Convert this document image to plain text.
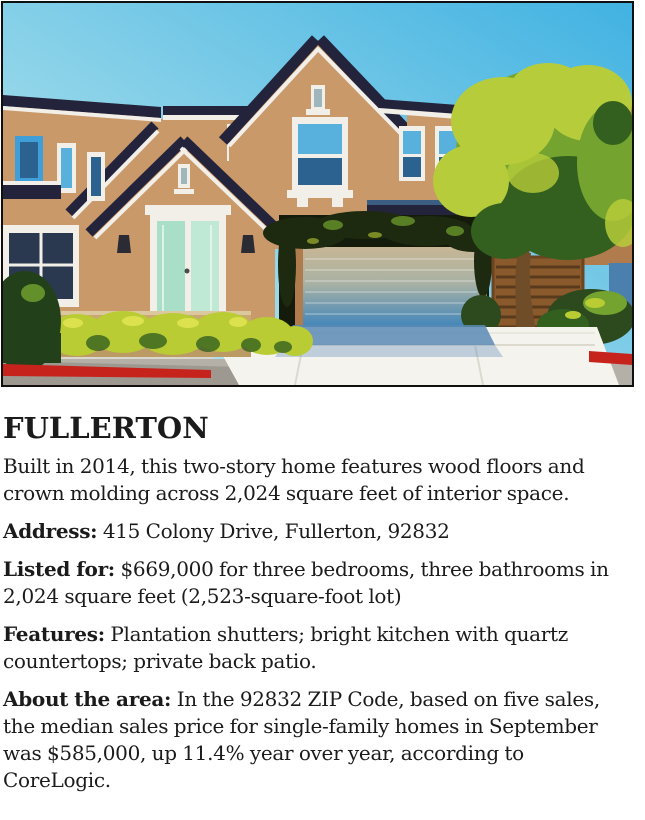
FULLERTON

Built in 2014, this two-story home features wood floors and crown molding across 2,024 square feet of interior space.

Address: 415 Colony Drive, Fullerton, 92832

Listed for: $669,000 for three bedrooms, three bathrooms in 2,024 square feet (2,523-square-foot lot)

Features: Plantation shutters; bright kitchen with quartz countertops; private back patio.

About the area: In the 92832 ZIP Code, based on five sales, the median sales price for single-family homes in September was $585,000, up 11.4% year over year, according to CoreLogic.
